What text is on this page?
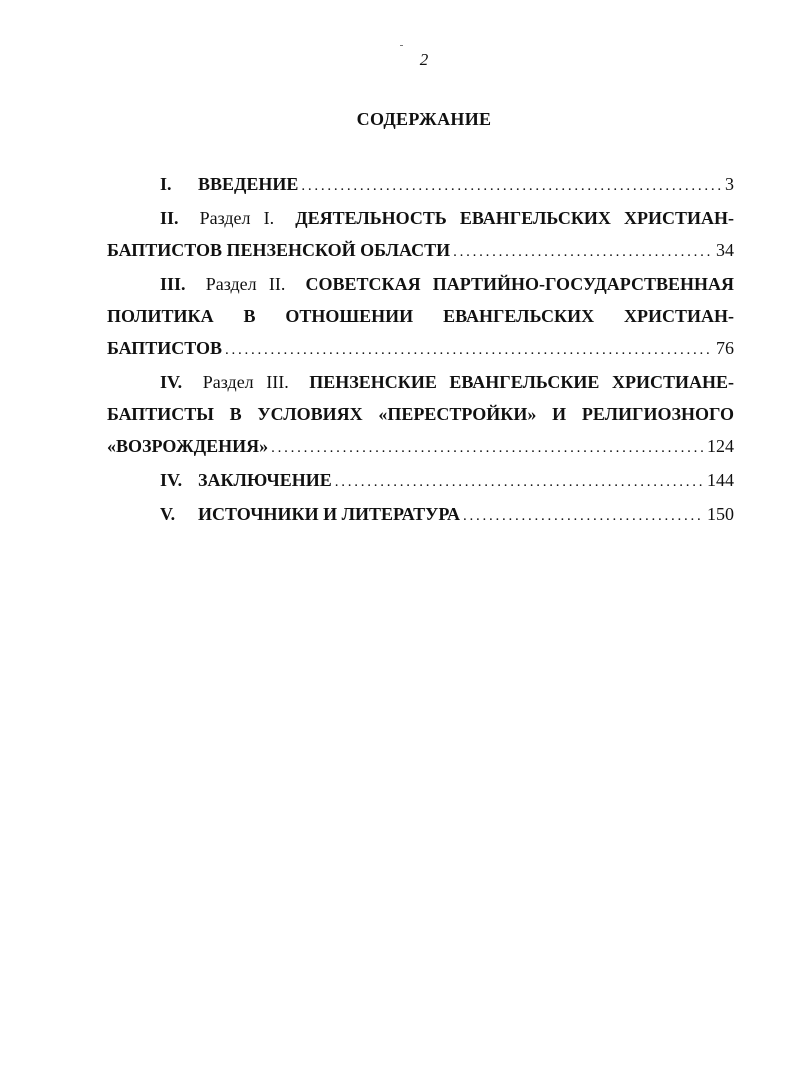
2
СОДЕРЖАНИЕ
I.	ВВЕДЕНИЕ . . .	3
II. Раздел I. ДЕЯТЕЛЬНОСТЬ ЕВАНГЕЛЬСКИХ ХРИСТИАН-
БАПТИСТОВ ПЕНЗЕНСКОЙ ОБЛАСТИ . . .	34
III. Раздел II. СОВЕТСКАЯ ПАРТИЙНО-ГОСУДАРСТВЕННАЯ
ПОЛИТИКА В ОТНОШЕНИИ ЕВАНГЕЛЬСКИХ ХРИСТИАН-
БАПТИСТОВ . . .	76
IV. Раздел III. ПЕНЗЕНСКИЕ ЕВАНГЕЛЬСКИЕ ХРИСТИАНЕ-
БАПТИСТЫ В УСЛОВИЯХ «ПЕРЕСТРОЙКИ» И РЕЛИГИОЗНОГО
«ВОЗРОЖДЕНИЯ» . . .	124
IV. ЗАКЛЮЧЕНИЕ . . .	144
V.	ИСТОЧНИКИ И ЛИТЕРАТУРА . . .	150
